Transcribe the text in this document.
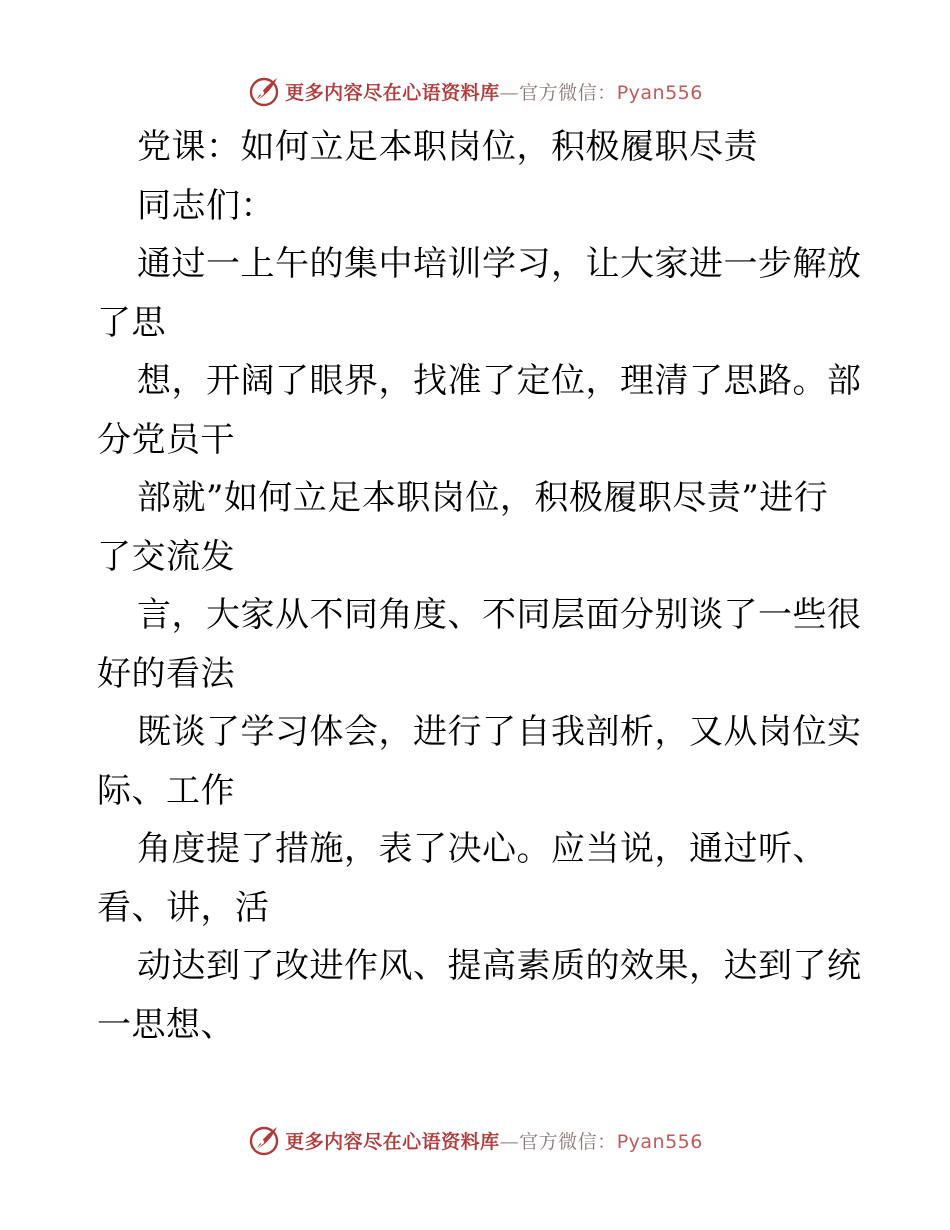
更多内容尽在心语资料库—官方微信：Pyan556
党课：如何立足本职岗位，积极履职尽责
同志们：
通过一上午的集中培训学习，让大家进一步解放
了思
想，开阔了眼界，找准了定位，理清了思路。部
分党员干
部就”如何立足本职岗位，积极履职尽责”进行
了交流发
言，大家从不同角度、不同层面分别谈了一些很
好的看法
既谈了学习体会，进行了自我剖析，又从岗位实
际、工作
角度提了措施，表了决心。应当说，通过听、
看、讲，活
动达到了改进作风、提高素质的效果，达到了统
一思想、
更多内容尽在心语资料库—官方微信：Pyan556
